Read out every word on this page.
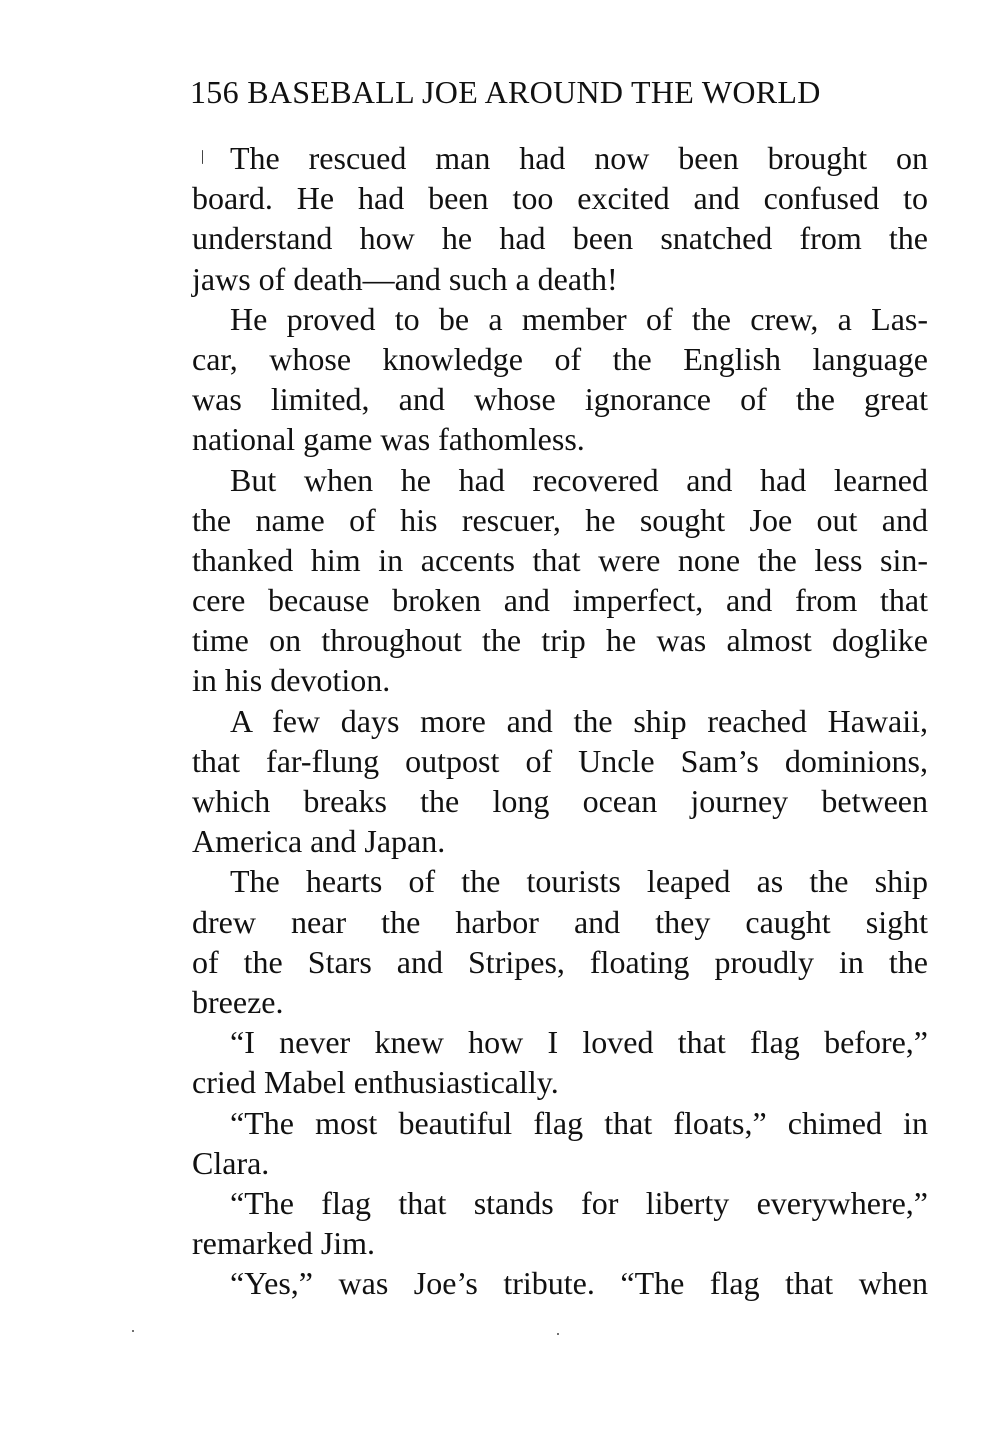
156 BASEBALL JOE AROUND THE WORLD
The rescued man had now been brought on
board. He had been too excited and confused to
understand how he had been snatched from the
jaws of death—and such a death!
He proved to be a member of the crew, a Las-
car, whose knowledge of the English language
was limited, and whose ignorance of the great
national game was fathomless.
But when he had recovered and had learned
the name of his rescuer, he sought Joe out and
thanked him in accents that were none the less sin-
cere because broken and imperfect, and from that
time on throughout the trip he was almost doglike
in his devotion.
A few days more and the ship reached Hawaii,
that far-flung outpost of Uncle Sam’s dominions,
which breaks the long ocean journey between
America and Japan.
The hearts of the tourists leaped as the ship
drew near the harbor and they caught sight
of the Stars and Stripes, floating proudly in the
breeze.
“I never knew how I loved that flag before,”
cried Mabel enthusiastically.
“The most beautiful flag that floats,” chimed in
Clara.
“The flag that stands for liberty everywhere,”
remarked Jim.
“Yes,” was Joe’s tribute. “The flag that when
